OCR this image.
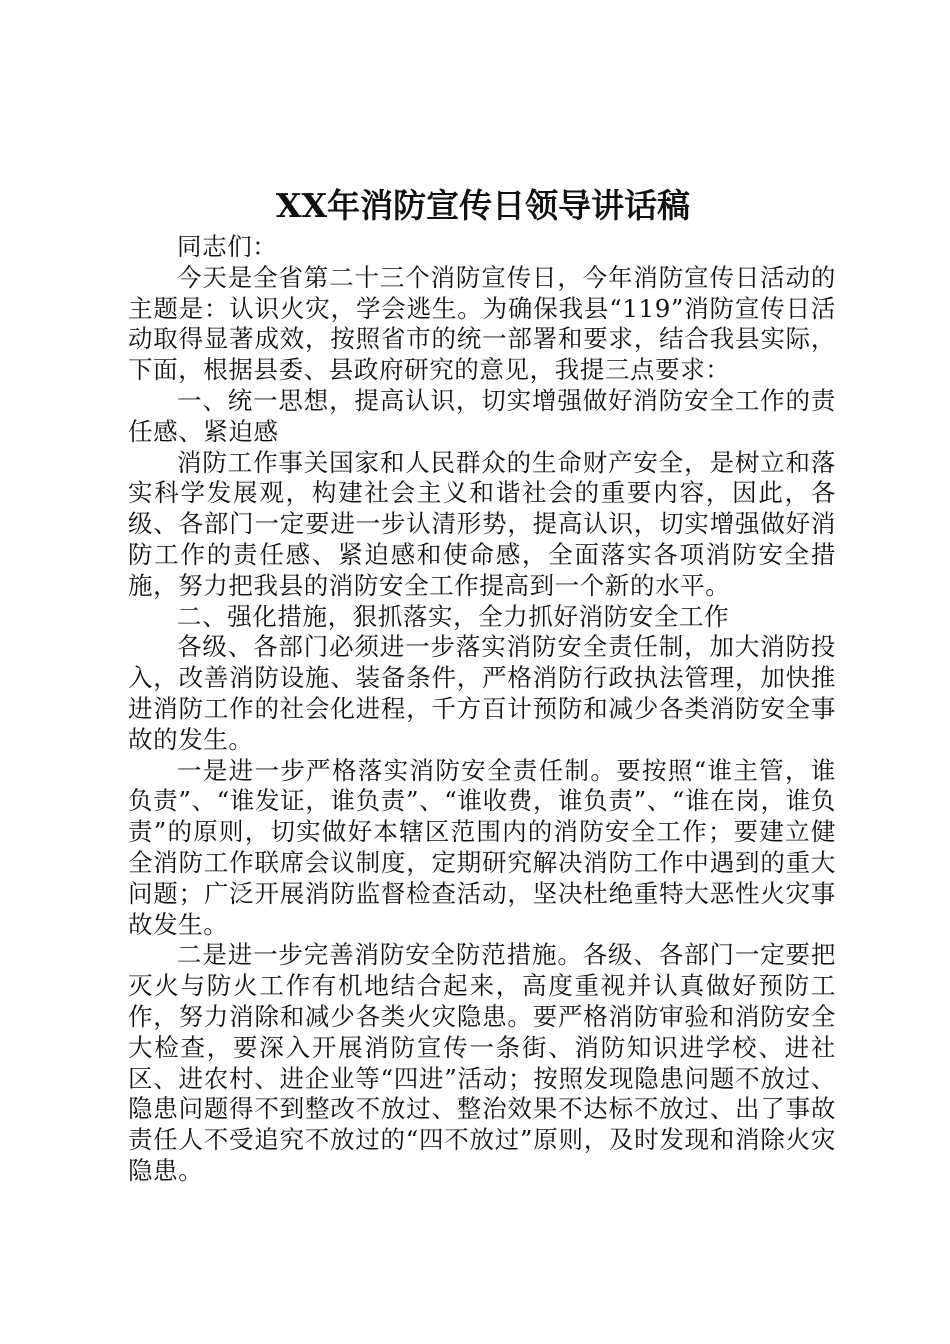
XX年消防宣传日领导讲话稿

同志们：

今天是全省第二十三个消防宣传日，今年消防宣传日活动的主题是：认识火灾，学会逃生。为确保我县“119”消防宣传日活动取得显著成效，按照省市的统一部署和要求，结合我县实际，下面，根据县委、县政府研究的意见，我提三点要求：

一、统一思想，提高认识，切实增强做好消防安全工作的责任感、紧迫感

消防工作事关国家和人民群众的生命财产安全，是树立和落实科学发展观，构建社会主义和谐社会的重要内容，因此，各级、各部门一定要进一步认清形势，提高认识，切实增强做好消防工作的责任感、紧迫感和使命感，全面落实各项消防安全措施，努力把我县的消防安全工作提高到一个新的水平。

二、强化措施，狠抓落实，全力抓好消防安全工作

各级、各部门必须进一步落实消防安全责任制，加大消防投入，改善消防设施、装备条件，严格消防行政执法管理，加快推进消防工作的社会化进程，千方百计预防和减少各类消防安全事故的发生。

一是进一步严格落实消防安全责任制。要按照“谁主管，谁负责”、“谁发证，谁负责”、“谁收费，谁负责”、“谁在岗，谁负责”的原则，切实做好本辖区范围内的消防安全工作；要建立健全消防工作联席会议制度，定期研究解决消防工作中遇到的重大问题；广泛开展消防监督检查活动，坚决杜绝重特大恶性火灾事故发生。

二是进一步完善消防安全防范措施。各级、各部门一定要把灭火与防火工作有机地结合起来，高度重视并认真做好预防工作，努力消除和减少各类火灾隐患。要严格消防审验和消防安全大检查，要深入开展消防宣传一条街、消防知识进学校、进社区、进农村、进企业等“四进”活动；按照发现隐患问题不放过、隐患问题得不到整改不放过、整治效果不达标不放过、出了事故责任人不受追究不放过的“四不放过”原则，及时发现和消除火灾隐患。
